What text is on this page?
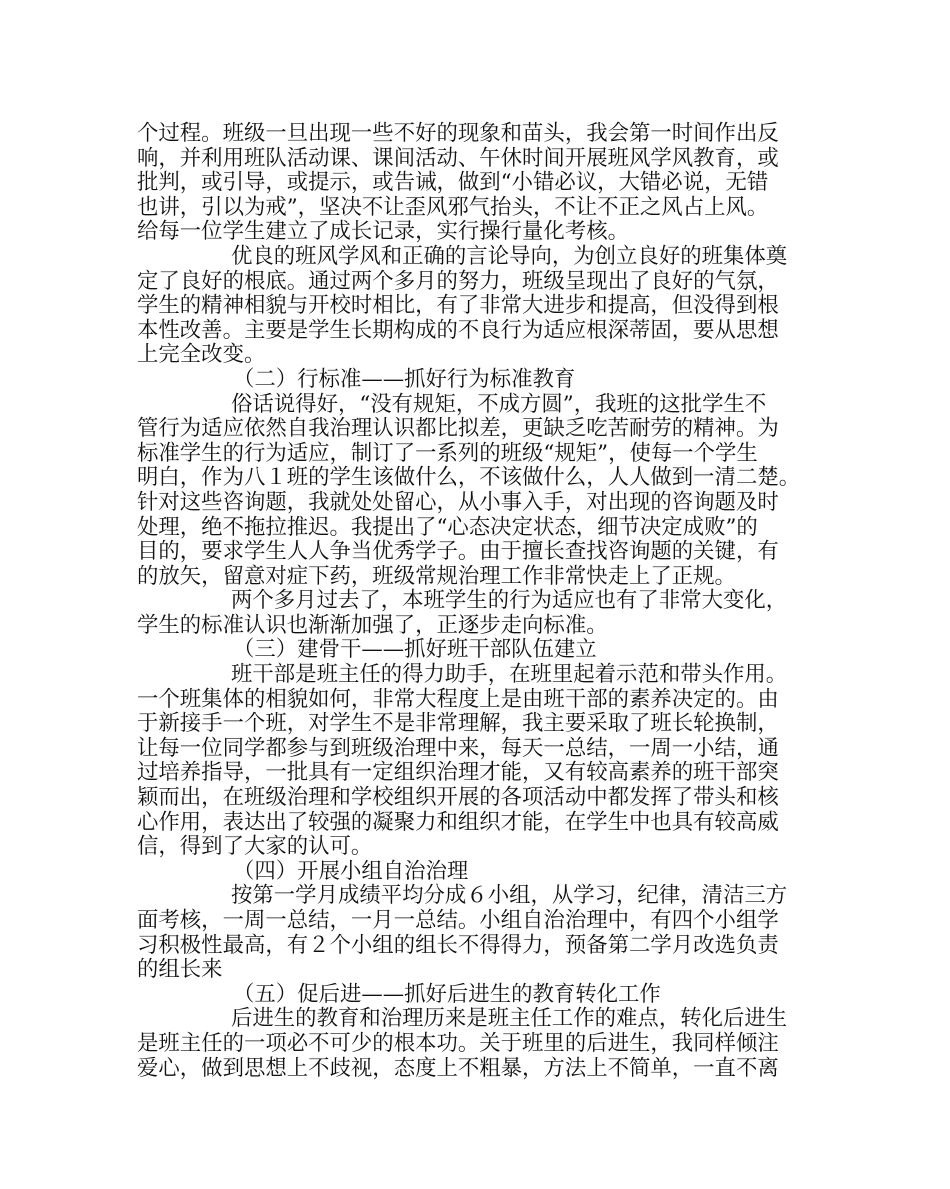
个过程。班级一旦出现一些不好的现象和苗头，我会第一时间作出反
响，并利用班队活动课、课间活动、午休时间开展班风学风教育，或
批判，或引导，或提示，或告诫，做到“小错必议，大错必说，无错
也讲，引以为戒”，坚决不让歪风邪气抬头，不让不正之风占上风。
给每一位学生建立了成长记录，实行操行量化考核。
优良的班风学风和正确的言论导向，为创立良好的班集体奠
定了良好的根底。通过两个多月的努力，班级呈现出了良好的气氛，
学生的精神相貌与开校时相比，有了非常大进步和提高，但没得到根
本性改善。主要是学生长期构成的不良行为适应根深蒂固，要从思想
上完全改变。
（二）行标准——抓好行为标准教育
俗话说得好，“没有规矩，不成方圆”，我班的这批学生不
管行为适应依然自我治理认识都比拟差，更缺乏吃苦耐劳的精神。为
标准学生的行为适应，制订了一系列的班级“规矩”，使每一个学生
明白，作为八１班的学生该做什么，不该做什么，人人做到一清二楚。
针对这些咨询题，我就处处留心，从小事入手，对出现的咨询题及时
处理，绝不拖拉推迟。我提出了“心态决定状态，细节决定成败”的
目的，要求学生人人争当优秀学子。由于擅长查找咨询题的关键，有
的放矢，留意对症下药，班级常规治理工作非常快走上了正规。
两个多月过去了，本班学生的行为适应也有了非常大变化，
学生的标准认识也渐渐加强了，正逐步走向标准。
（三）建骨干——抓好班干部队伍建立
班干部是班主任的得力助手，在班里起着示范和带头作用。
一个班集体的相貌如何，非常大程度上是由班干部的素养决定的。由
于新接手一个班，对学生不是非常理解，我主要采取了班长轮换制，
让每一位同学都参与到班级治理中来，每天一总结，一周一小结，通
过培养指导，一批具有一定组织治理才能，又有较高素养的班干部突
颖而出，在班级治理和学校组织开展的各项活动中都发挥了带头和核
心作用，表达出了较强的凝聚力和组织才能，在学生中也具有较高威
信，得到了大家的认可。
（四）开展小组自治治理
按第一学月成绩平均分成６小组，从学习，纪律，清洁三方
面考核，一周一总结，一月一总结。小组自治治理中，有四个小组学
习积极性最高，有２个小组的组长不得得力，预备第二学月改选负责
的组长来
（五）促后进——抓好后进生的教育转化工作
后进生的教育和治理历来是班主任工作的难点，转化后进生
是班主任的一项必不可少的根本功。关于班里的后进生，我同样倾注
爱心，做到思想上不歧视，态度上不粗暴，方法上不简单，一直不离
